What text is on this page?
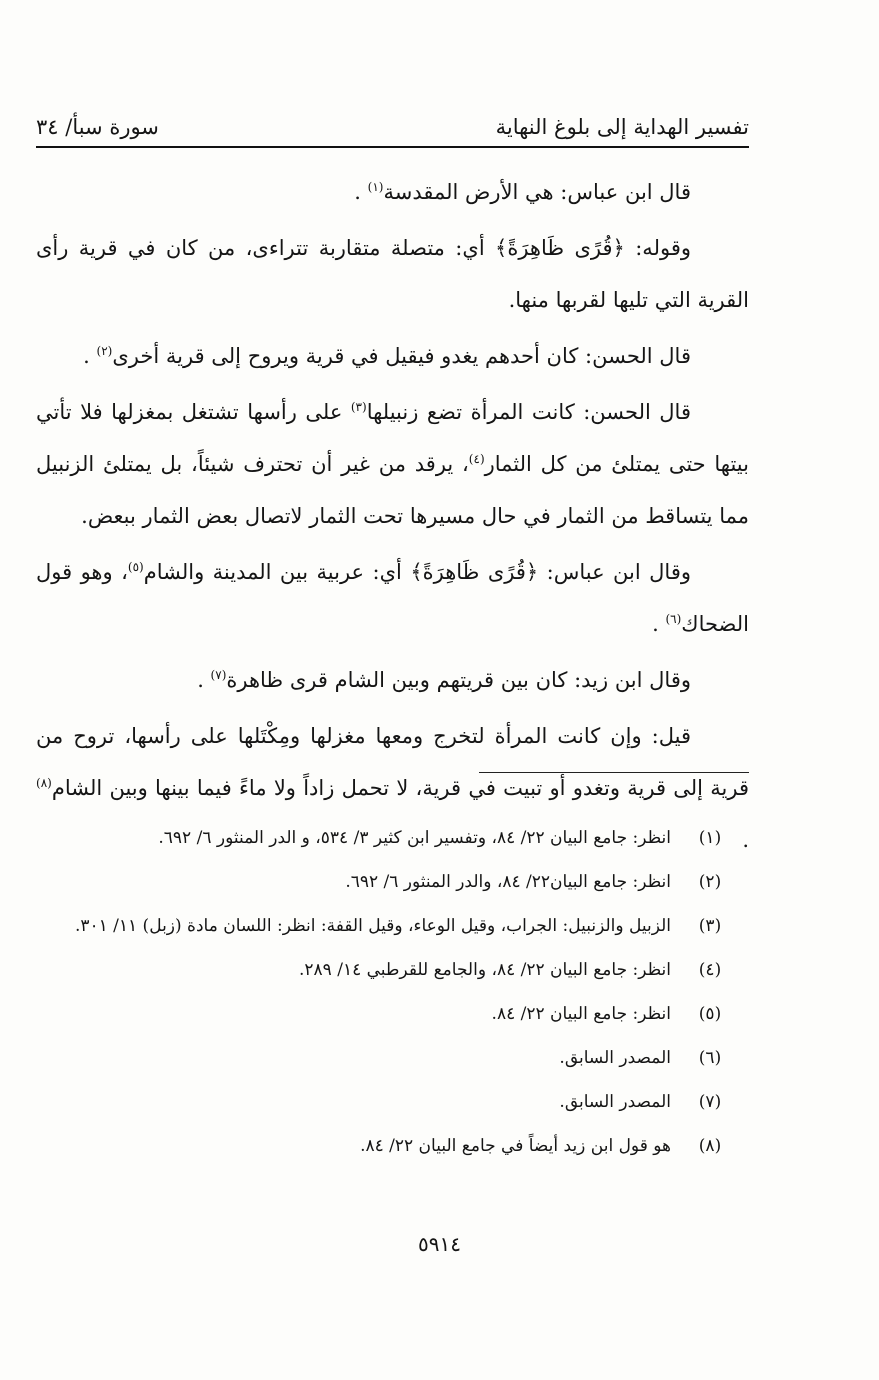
تفسير الهداية إلى بلوغ النهاية
سورة سبأ/ ٣٤

قال ابن عباس: هي الأرض المقدسة$^{(١)}$ .

وقوله: ﴿قُرًى ظَاهِرَةً﴾ أي: متصلة متقاربة تتراءى، من كان في قرية رأى القرية التي تليها لقربها منها.

قال الحسن: كان أحدهم يغدو فيقيل في قرية ويروح إلى قرية أخرى$^{(٢)}$ .

قال الحسن: كانت المرأة تضع زنبيلها$^{(٣)}$ على رأسها تشتغل بمغزلها فلا تأتي بيتها حتى يمتلئ من كل الثمار$^{(٤)}$، يرقد من غير أن تحترف شيئاً، بل يمتلئ الزنبيل مما يتساقط من الثمار في حال مسيرها تحت الثمار لاتصال بعض الثمار ببعض.

وقال ابن عباس: ﴿قُرًى ظَاهِرَةً﴾ أي: عربية بين المدينة والشام$^{(٥)}$، وهو قول الضحاك$^{(٦)}$ .

وقال ابن زيد: كان بين قريتهم وبين الشام قرى ظاهرة$^{(٧)}$ .

قيل: وإن كانت المرأة لتخرج ومعها مغزلها ومِكْتَلها على رأسها، تروح من قرية إلى قرية وتغدو أو تبيت في قرية، لا تحمل زاداً ولا ماءً فيما بينها وبين الشام$^{(٨)}$ .

(١)
انظر: جامع البيان ٢٢/ ٨٤، وتفسير ابن كثير ٣/ ٥٣٤، و الدر المنثور ٦/ ٦٩٢.
(٢)
انظر: جامع البيان٢٢/ ٨٤، والدر المنثور ٦/ ٦٩٢.
(٣)
الزبيل والزنبيل: الجراب، وقيل الوعاء، وقيل القفة: انظر: اللسان مادة (زبل) ١١/ ٣٠١.
(٤)
انظر: جامع البيان ٢٢/ ٨٤، والجامع للقرطبي ١٤/ ٢٨٩.
(٥)
انظر: جامع البيان ٢٢/ ٨٤.
(٦)
المصدر السابق.
(٧)
المصدر السابق.
(٨)
هو قول ابن زيد أيضاً في جامع البيان ٢٢/ ٨٤.
٥٩١٤
